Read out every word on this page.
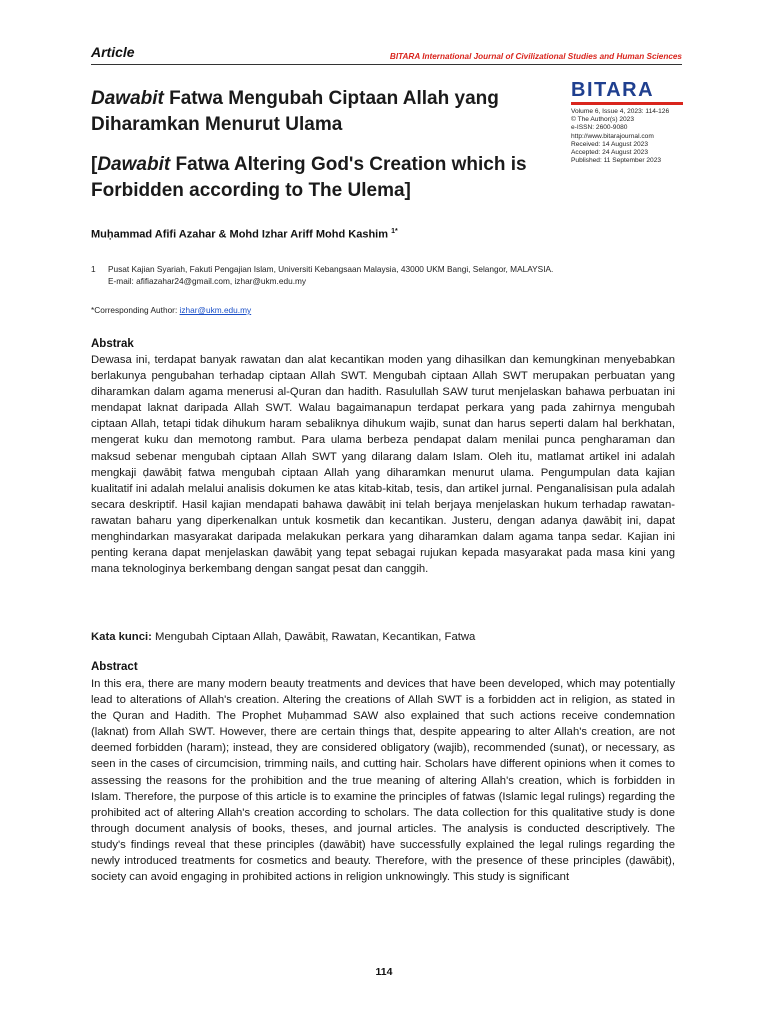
Article	BITARA International Journal of Civilizational Studies and Human Sciences
Dawabit Fatwa Mengubah Ciptaan Allah yang Diharamkan Menurut Ulama
[Dawabit Fatwa Altering God's Creation which is Forbidden according to The Ulema]
BITARA
Volume 6, Issue 4, 2023: 114-126
© The Author(s) 2023
e-ISSN: 2600-9080
http://www.bitarajournal.com
Received: 14 August 2023
Accepted: 24 August 2023
Published: 11 September 2023
Muḥammad Afifi Azahar & Mohd Izhar Ariff Mohd Kashim $^{1*}$
1 Pusat Kajian Syariah, Fakuti Pengajian Islam, Universiti Kebangsaan Malaysia, 43000 UKM Bangi, Selangor, MALAYSIA.
E-mail: afifiazahar24@gmail.com, izhar@ukm.edu.my
*Corresponding Author: izhar@ukm.edu.my
Abstrak
Dewasa ini, terdapat banyak rawatan dan alat kecantikan moden yang dihasilkan dan kemungkinan menyebabkan berlakunya pengubahan terhadap ciptaan Allah SWT. Mengubah ciptaan Allah SWT merupakan perbuatan yang diharamkan dalam agama menerusi al-Quran dan hadith. Rasulullah SAW turut menjelaskan bahawa perbuatan ini mendapat laknat daripada Allah SWT. Walau bagaimanapun terdapat perkara yang pada zahirnya mengubah ciptaan Allah, tetapi tidak dihukum haram sebaliknya dihukum wajib, sunat dan harus seperti dalam hal berkhatan, mengerat kuku dan memotong rambut. Para ulama berbeza pendapat dalam menilai punca pengharaman dan maksud sebenar mengubah ciptaan Allah SWT yang dilarang dalam Islam. Oleh itu, matlamat artikel ini adalah mengkaji ḍawābiṭ fatwa mengubah ciptaan Allah yang diharamkan menurut ulama. Pengumpulan data kajian kualitatif ini adalah melalui analisis dokumen ke atas kitab-kitab, tesis, dan artikel jurnal. Penganalisisan pula adalah secara deskriptif. Hasil kajian mendapati bahawa ḍawābiṭ ini telah berjaya menjelaskan hukum terhadap rawatan-rawatan baharu yang diperkenalkan untuk kosmetik dan kecantikan. Justeru, dengan adanya ḍawābiṭ ini, dapat menghindarkan masyarakat daripada melakukan perkara yang diharamkan dalam agama tanpa sedar. Kajian ini penting kerana dapat menjelaskan ḍawābiṭ yang tepat sebagai rujukan kepada masyarakat pada masa kini yang mana teknologinya berkembang dengan sangat pesat dan canggih.
Kata kunci: Mengubah Ciptaan Allah, Ḍawābiṭ, Rawatan, Kecantikan, Fatwa
Abstract
In this era, there are many modern beauty treatments and devices that have been developed, which may potentially lead to alterations of Allah's creation. Altering the creations of Allah SWT is a forbidden act in religion, as stated in the Quran and Hadith. The Prophet Muḥammad SAW also explained that such actions receive condemnation (laknat) from Allah SWT. However, there are certain things that, despite appearing to alter Allah's creation, are not deemed forbidden (haram); instead, they are considered obligatory (wajib), recommended (sunat), or necessary, as seen in the cases of circumcision, trimming nails, and cutting hair. Scholars have different opinions when it comes to assessing the reasons for the prohibition and the true meaning of altering Allah's creation, which is forbidden in Islam. Therefore, the purpose of this article is to examine the principles of fatwas (Islamic legal rulings) regarding the prohibited act of altering Allah's creation according to scholars. The data collection for this qualitative study is done through document analysis of books, theses, and journal articles. The analysis is conducted descriptively. The study's findings reveal that these principles (ḍawābiṭ) have successfully explained the legal rulings regarding the newly introduced treatments for cosmetics and beauty. Therefore, with the presence of these principles (ḍawābiṭ), society can avoid engaging in prohibited actions in religion unknowingly. This study is significant
114
